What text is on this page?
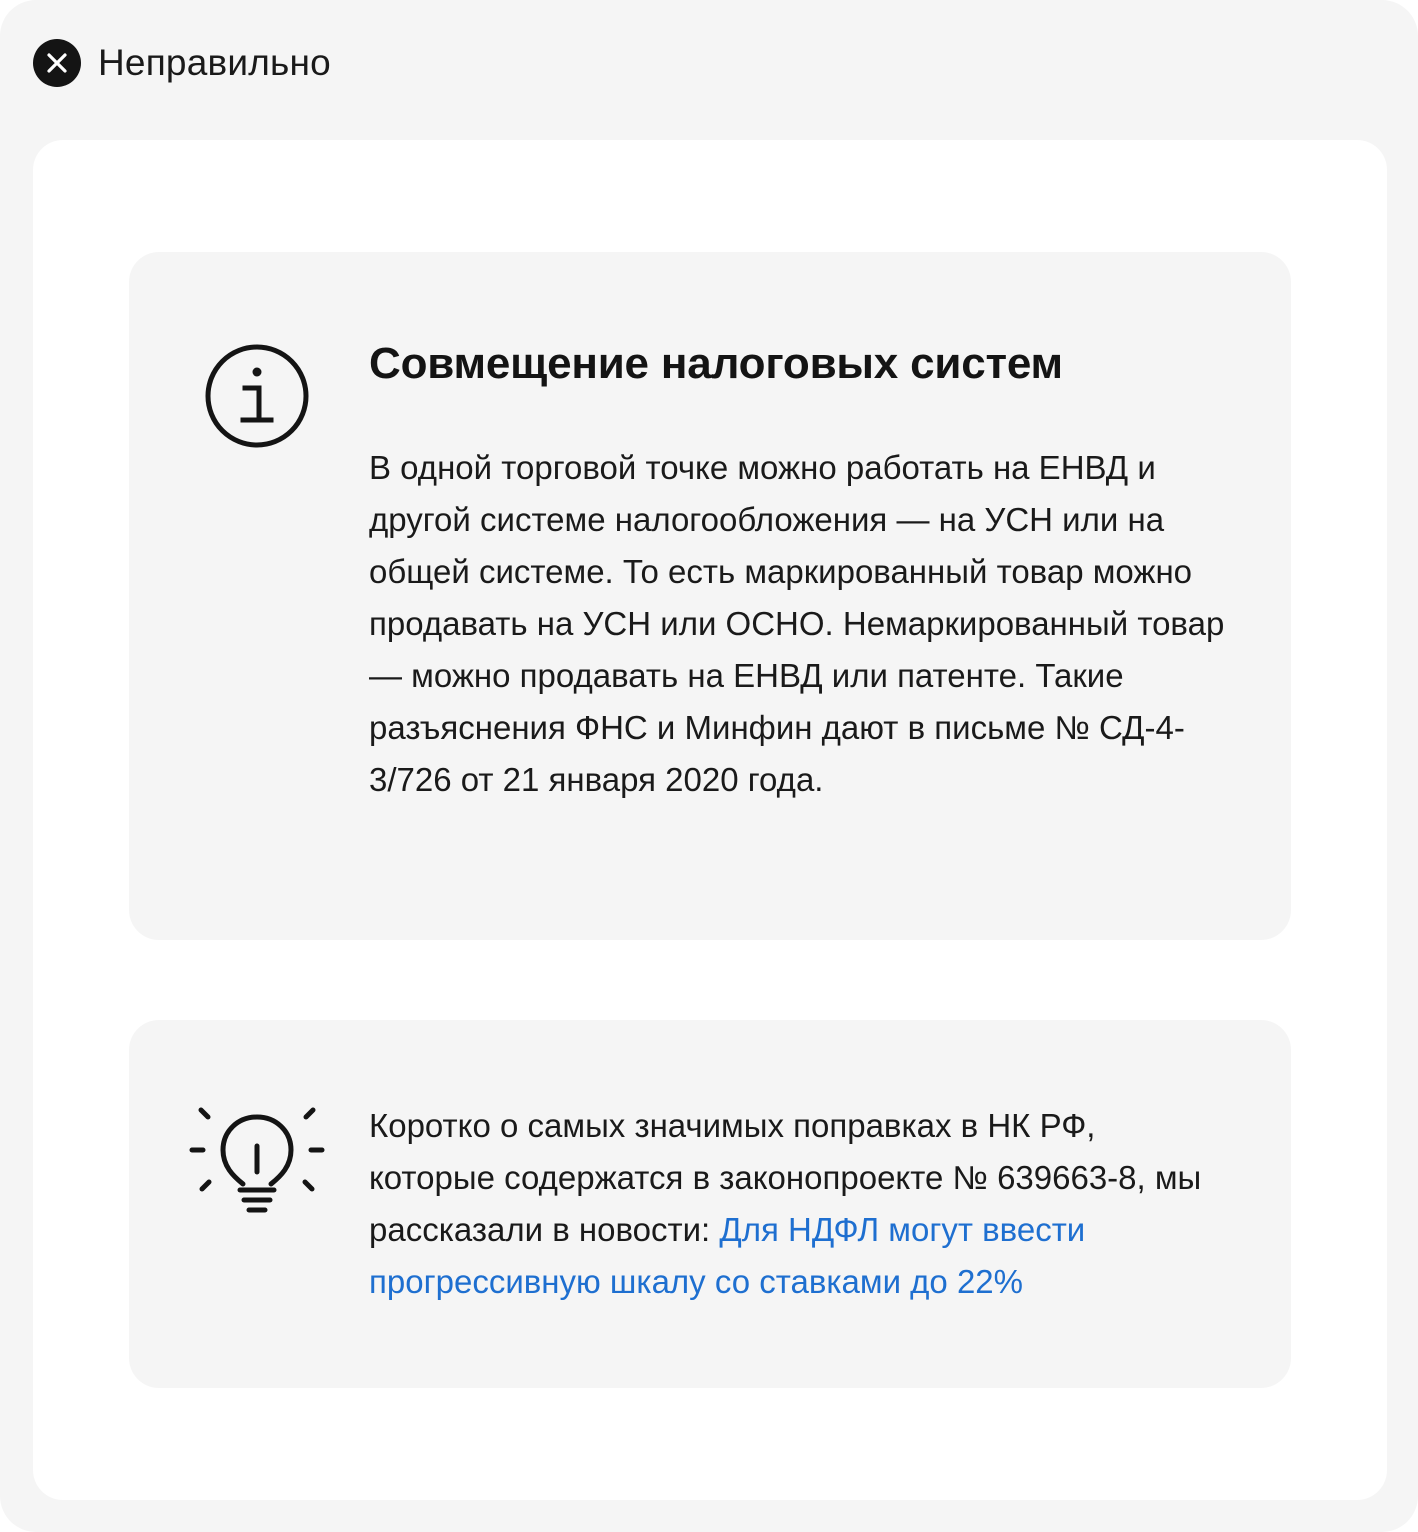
Неправильно
Совмещение налоговых систем

В одной торговой точке можно работать на ЕНВД и другой системе налогообложения — на УСН или на общей системе. То есть маркированный товар можно продавать на УСН или ОСНО. Немаркированный товар — можно продавать на ЕНВД или патенте. Такие разъяснения ФНС и Минфин дают в письме № СД-4-3/726 от 21 января 2020 года.

Коротко о самых значимых поправках в НК РФ, которые содержатся в законопроекте № 639663-8, мы рассказали в новости: Для НДФЛ могут ввести прогрессивную шкалу со ставками до 22%
